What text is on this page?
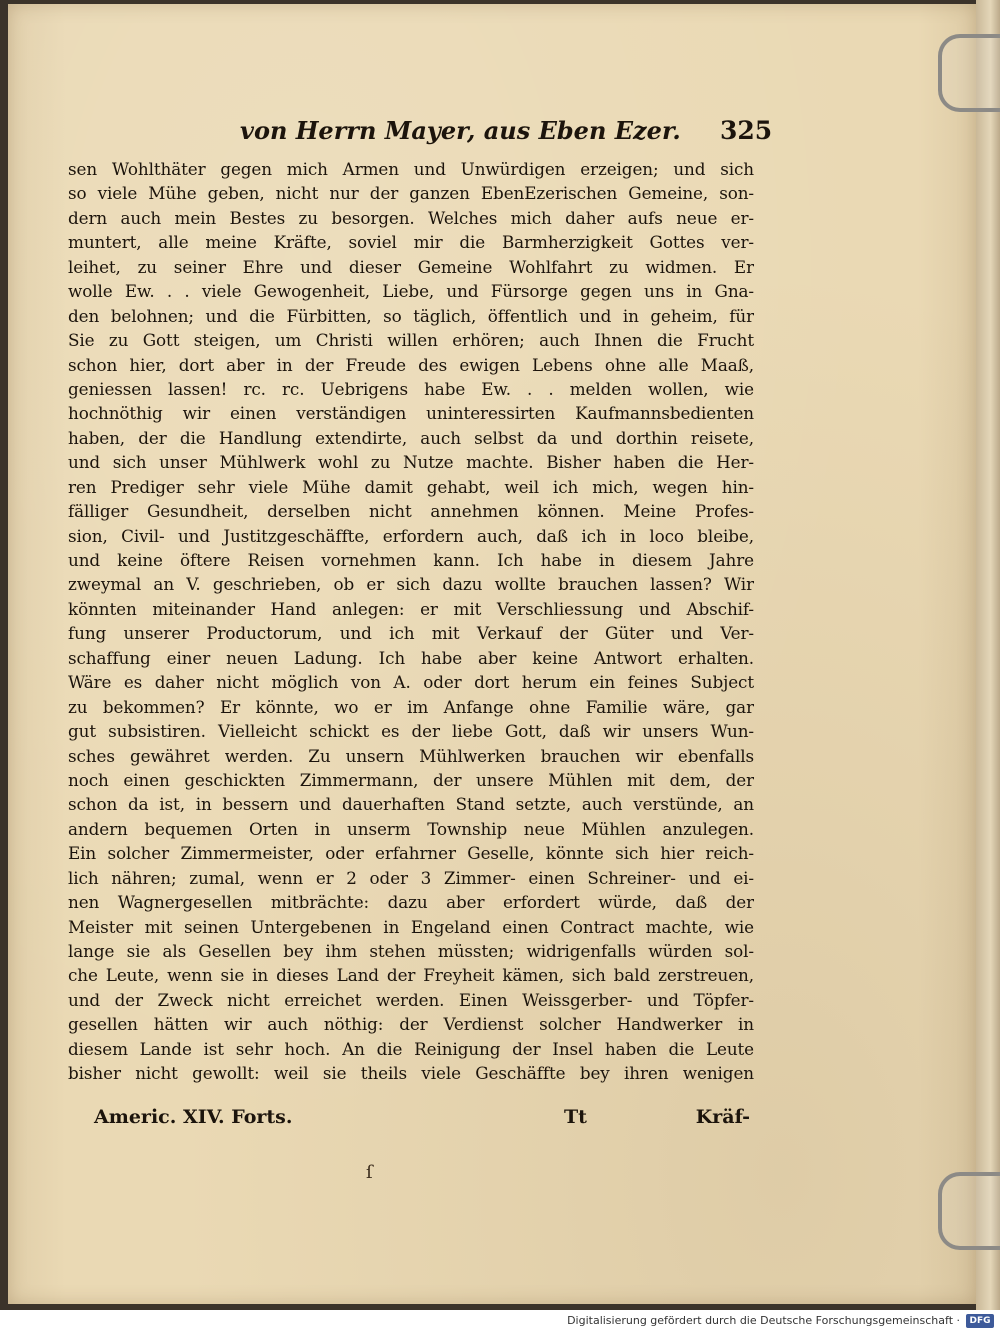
von Herrn Mayer, aus Eben Ezer.	325
sen Wohlthäter gegen mich Armen und Unwürdigen erzeigen; und sich
so viele Mühe geben, nicht nur der ganzen EbenEzerischen Gemeine, son-
dern auch mein Bestes zu besorgen. Welches mich daher aufs neue er-
muntert, alle meine Kräfte, soviel mir die Barmherzigkeit Gottes ver-
leihet, zu seiner Ehre und dieser Gemeine Wohlfahrt zu widmen. Er
wolle Ew. . . viele Gewogenheit, Liebe, und Fürsorge gegen uns in Gna-
den belohnen; und die Fürbitten, so täglich, öffentlich und in geheim, für
Sie zu Gott steigen, um Christi willen erhören; auch Ihnen die Frucht
schon hier, dort aber in der Freude des ewigen Lebens ohne alle Maaß,
geniessen lassen! rc. rc. Uebrigens habe Ew. . . melden wollen, wie
hochnöthig wir einen verständigen uninteressirten Kaufmannsbedienten
haben, der die Handlung extendirte, auch selbst da und dorthin reisete,
und sich unser Mühlwerk wohl zu Nutze machte. Bisher haben die Her-
ren Prediger sehr viele Mühe damit gehabt, weil ich mich, wegen hin-
fälliger Gesundheit, derselben nicht annehmen können. Meine Profes-
sion, Civil- und Justitzgeschäffte, erfordern auch, daß ich in loco bleibe,
und keine öftere Reisen vornehmen kann. Ich habe in diesem Jahre
zweymal an V. geschrieben, ob er sich dazu wollte brauchen lassen? Wir
könnten miteinander Hand anlegen: er mit Verschliessung und Abschif-
fung unserer Productorum, und ich mit Verkauf der Güter und Ver-
schaffung einer neuen Ladung. Ich habe aber keine Antwort erhalten.
Wäre es daher nicht möglich von A. oder dort herum ein feines Subject
zu bekommen? Er könnte, wo er im Anfange ohne Familie wäre, gar
gut subsistiren. Vielleicht schickt es der liebe Gott, daß wir unsers Wun-
sches gewähret werden. Zu unsern Mühlwerken brauchen wir ebenfalls
noch einen geschickten Zimmermann, der unsere Mühlen mit dem, der
schon da ist, in bessern und dauerhaften Stand setzte, auch verstünde, an
andern bequemen Orten in unserm Township neue Mühlen anzulegen.
Ein solcher Zimmermeister, oder erfahrner Geselle, könnte sich hier reich-
lich nähren; zumal, wenn er 2 oder 3 Zimmer- einen Schreiner- und ei-
nen Wagnergesellen mitbrächte: dazu aber erfordert würde, daß der
Meister mit seinen Untergebenen in Engeland einen Contract machte, wie
lange sie als Gesellen bey ihm stehen müssten; widrigenfalls würden sol-
che Leute, wenn sie in dieses Land der Freyheit kämen, sich bald zerstreuen,
und der Zweck nicht erreichet werden. Einen Weissgerber- und Töpfer-
gesellen hätten wir auch nöthig: der Verdienst solcher Handwerker in
diesem Lande ist sehr hoch. An die Reinigung der Insel haben die Leute
bisher nicht gewollt: weil sie theils viele Geschäffte bey ihren wenigen
Americ. XIV. Forts.	Tt	Kräf-
ſ
Digitalisierung gefördert durch die Deutsche Forschungsgemeinschaft ·	DFG
